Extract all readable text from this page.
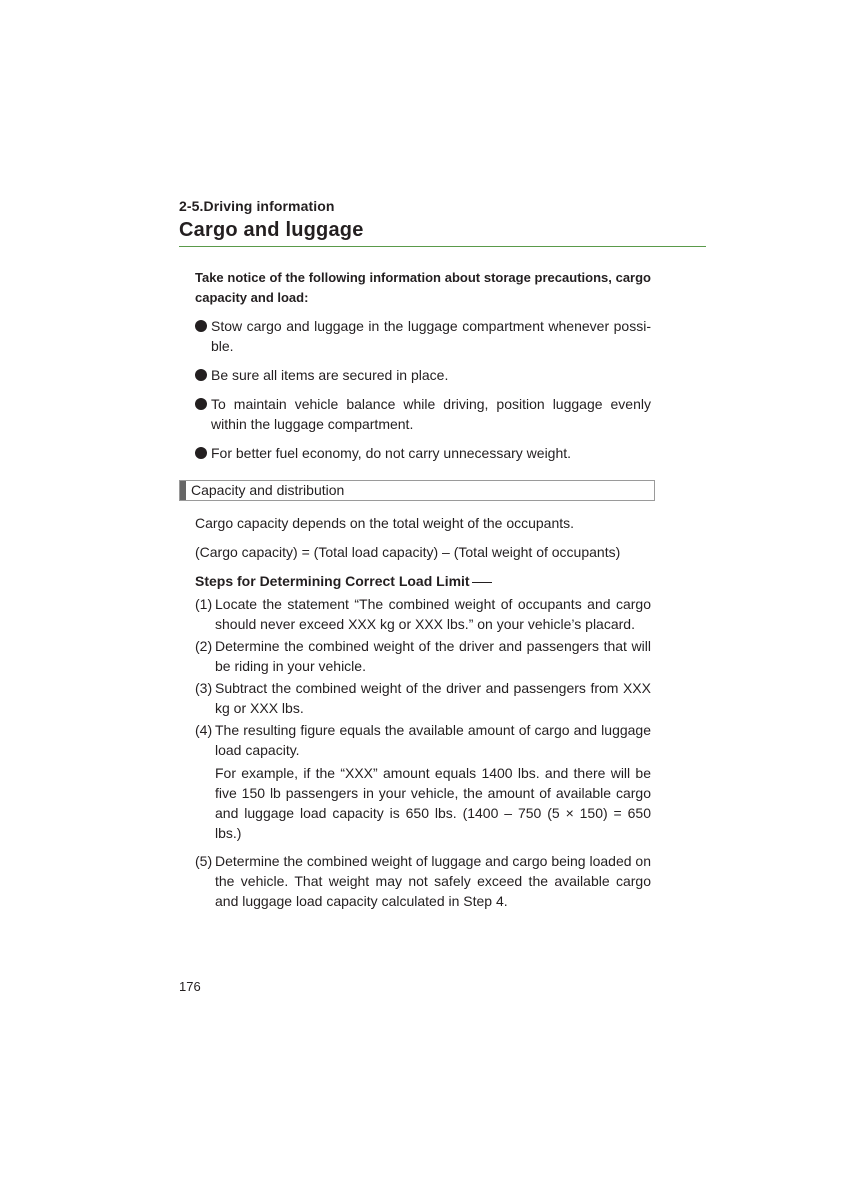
2-5.Driving information
Cargo and luggage

Take notice of the following information about storage precautions, cargo capacity and load:

Stow cargo and luggage in the luggage compartment whenever possi-ble.
Be sure all items are secured in place.
To maintain vehicle balance while driving, position luggage evenly within the luggage compartment.
For better fuel economy, do not carry unnecessary weight.
Capacity and distribution

Cargo capacity depends on the total weight of the occupants.

(Cargo capacity) = (Total load capacity) – (Total weight of occupants)

Steps for Determining Correct Load Limit
(1) Locate the statement “The combined weight of occupants and cargo should never exceed XXX kg or XXX lbs.” on your vehicle’s placard.
(2) Determine the combined weight of the driver and passengers that will be riding in your vehicle.
(3) Subtract the combined weight of the driver and passengers from XXX kg or XXX lbs.
(4) The resulting figure equals the available amount of cargo and luggage load capacity.
For example, if the “XXX” amount equals 1400 lbs. and there will be five 150 lb passengers in your vehicle, the amount of available cargo and luggage load capacity is 650 lbs. (1400 – 750 (5 × 150) = 650 lbs.)
(5) Determine the combined weight of luggage and cargo being loaded on the vehicle. That weight may not safely exceed the available cargo and luggage load capacity calculated in Step 4.
176
